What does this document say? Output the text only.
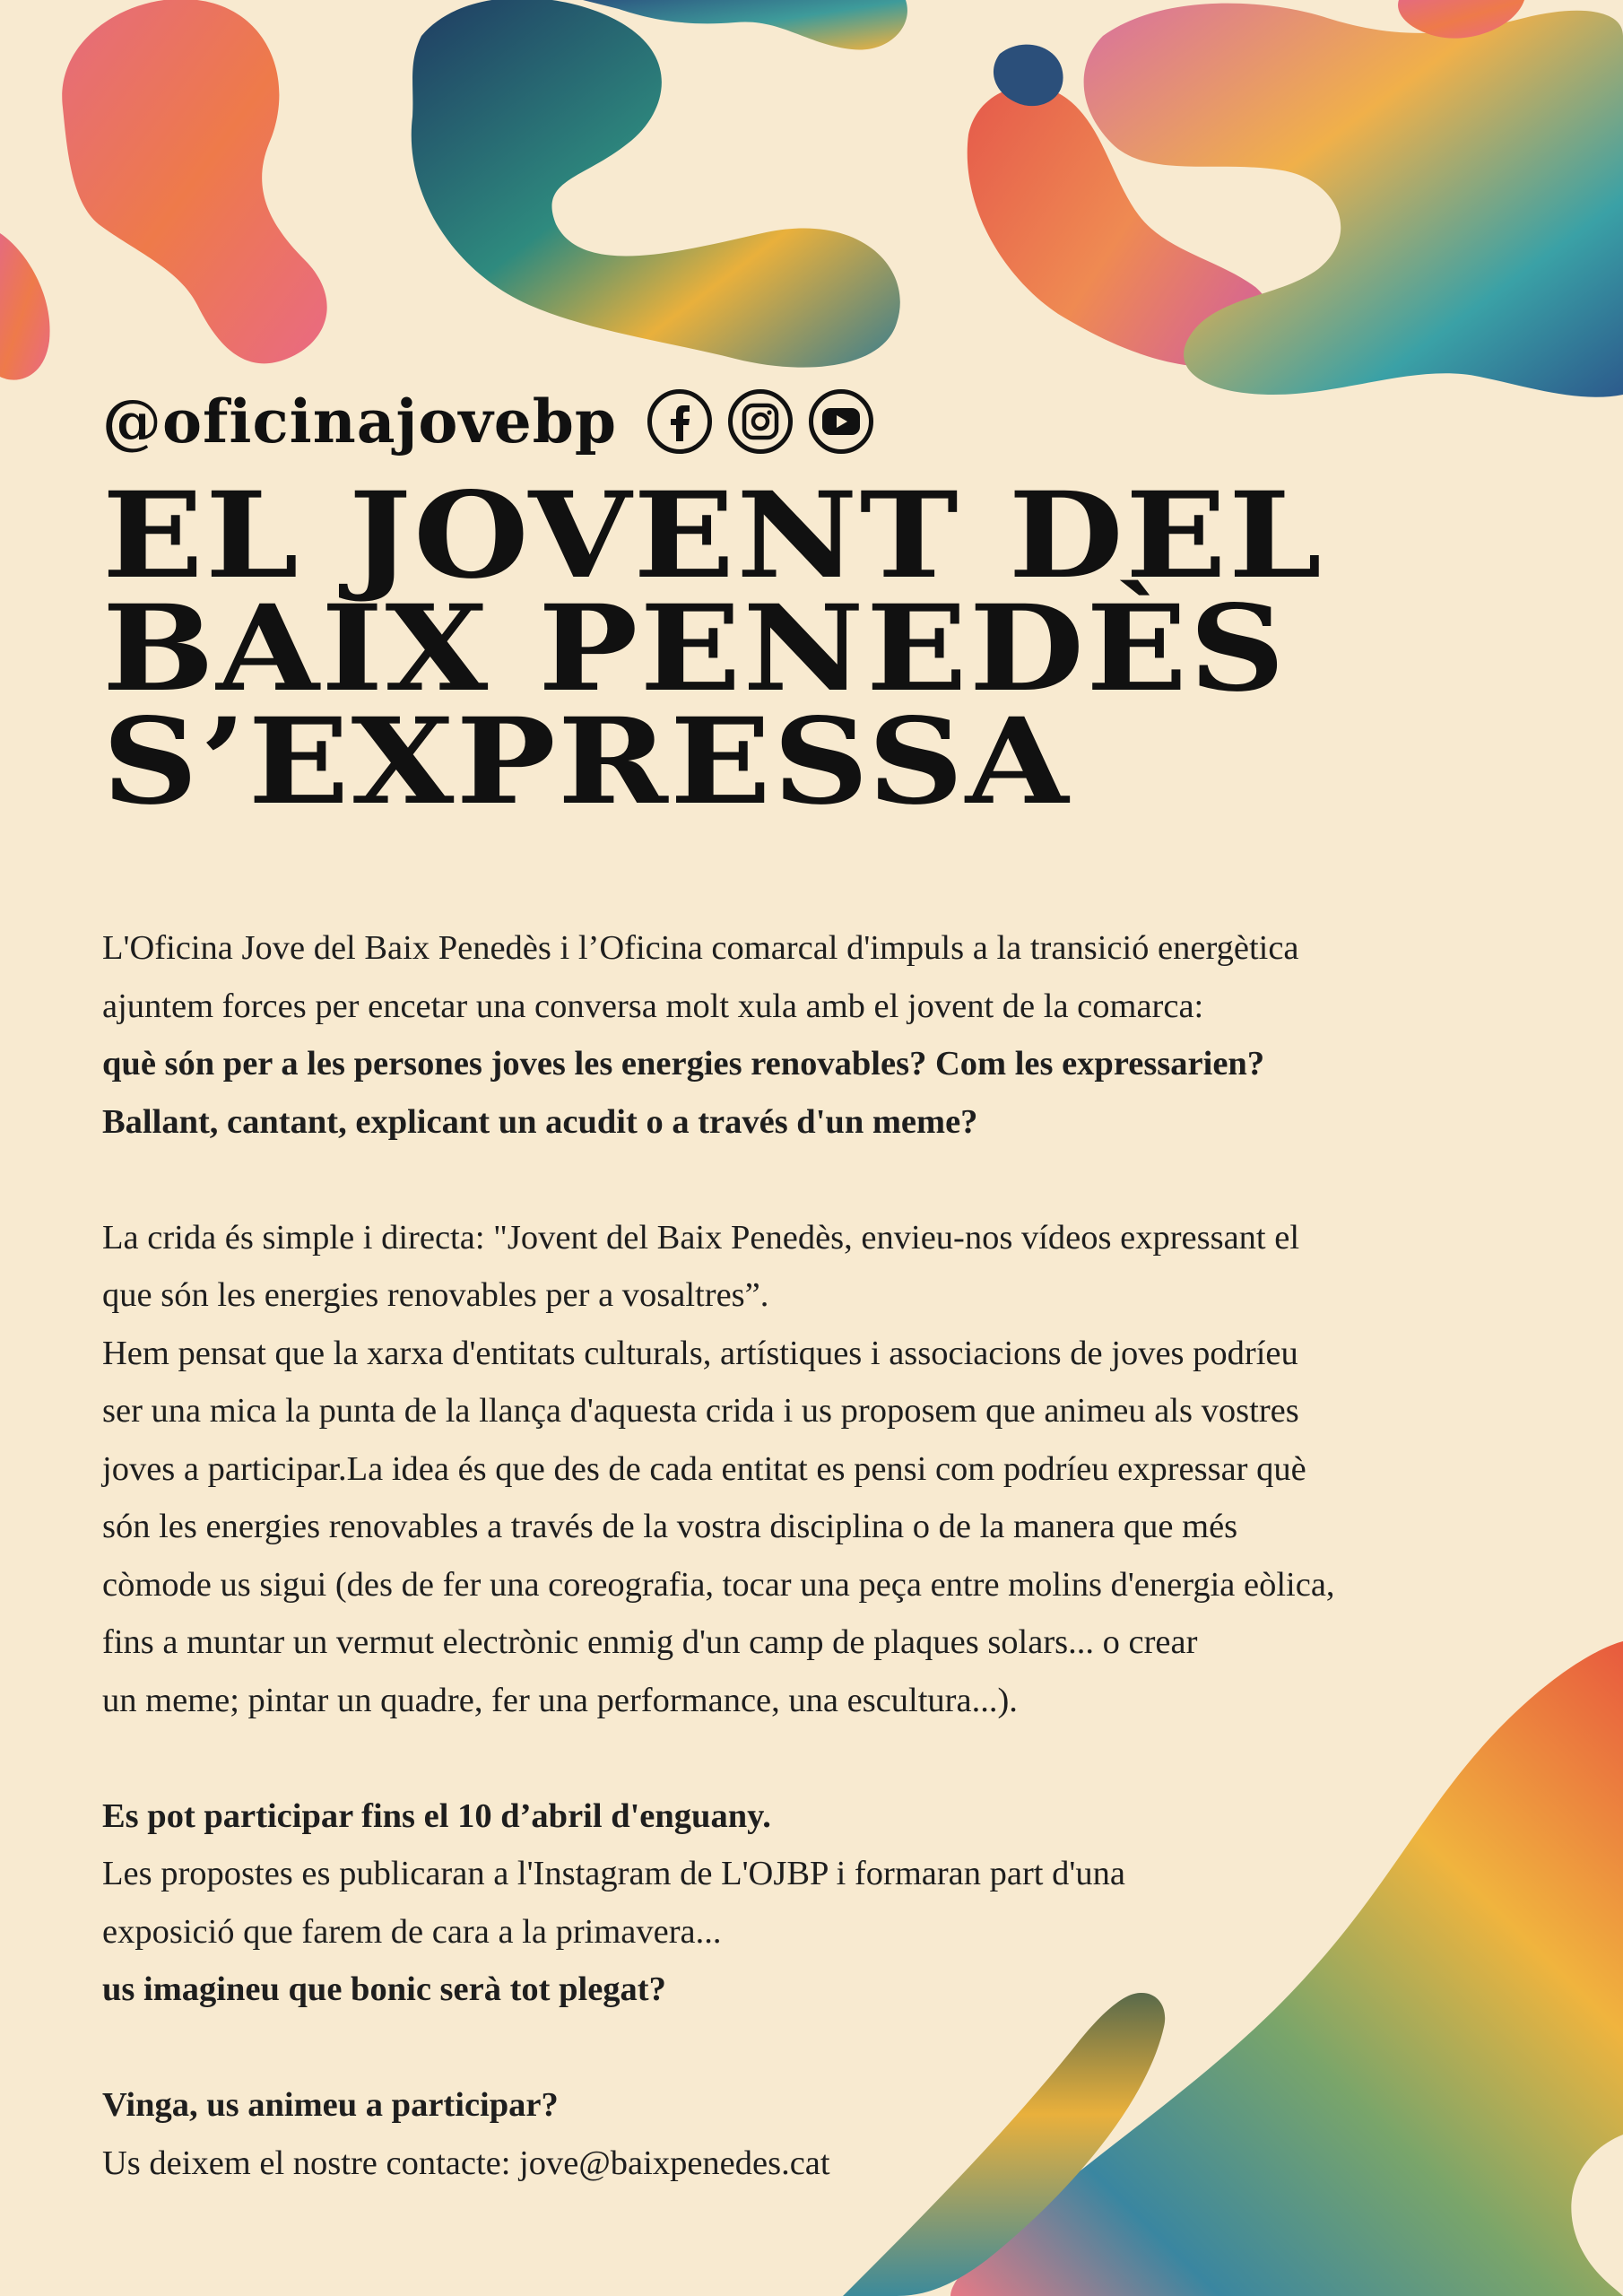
@oficinajovebp
EL JOVENT DEL
BAIX PENEDÈS
S’EXPRESSA

L'Oficina Jove del Baix Penedès i l’Oficina comarcal d'impuls a la transició energètica

ajuntem forces per encetar una conversa molt xula amb el jovent de la comarca:

què són per a les persones joves les energies renovables? Com les expressarien?

Ballant, cantant, explicant un acudit o a través d'un meme?

La crida és simple i directa: "Jovent del Baix Penedès, envieu-nos vídeos expressant el

que són les energies renovables per a vosaltres”.

Hem pensat que la xarxa d'entitats culturals, artístiques i associacions de joves podríeu

ser una mica la punta de la llança d'aquesta crida i us proposem que animeu als vostres

joves a participar.La idea és que des de cada entitat es pensi com podríeu expressar què

són les energies renovables a través de la vostra disciplina o de la manera que més

còmode us sigui (des de fer una coreografia, tocar una peça entre molins d'energia eòlica,

fins a muntar un vermut electrònic enmig d'un camp de plaques solars... o crear

un meme; pintar un quadre, fer una performance, una escultura...).

Es pot participar fins el 10 d’abril d'enguany.

Les propostes es publicaran a l'Instagram de L'OJBP i formaran part d'una

exposició que farem de cara a la primavera...

us imagineu que bonic serà tot plegat?

Vinga, us animeu a participar?

Us deixem el nostre contacte: jove@baixpenedes.cat
